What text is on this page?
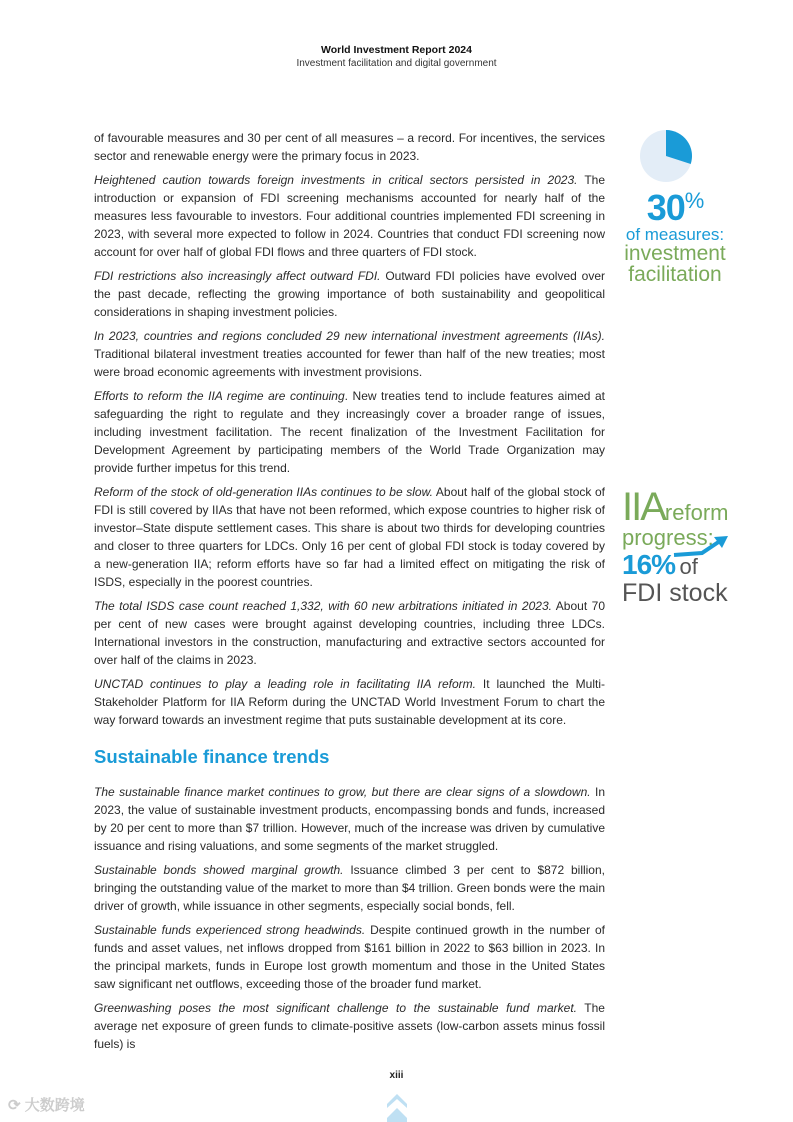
World Investment Report 2024
Investment facilitation and digital government

of favourable measures and 30 per cent of all measures – a record. For incentives, the services sector and renewable energy were the primary focus in 2023.

Heightened caution towards foreign investments in critical sectors persisted in 2023. The introduction or expansion of FDI screening mechanisms accounted for nearly half of the measures less favourable to investors. Four additional countries implemented FDI screening in 2023, with several more expected to follow in 2024. Countries that conduct FDI screening now account for over half of global FDI flows and three quarters of FDI stock.

FDI restrictions also increasingly affect outward FDI. Outward FDI policies have evolved over the past decade, reflecting the growing importance of both sustainability and geopolitical considerations in shaping investment policies.

In 2023, countries and regions concluded 29 new international investment agreements (IIAs). Traditional bilateral investment treaties accounted for fewer than half of the new treaties; most were broad economic agreements with investment provisions.

Efforts to reform the IIA regime are continuing. New treaties tend to include features aimed at safeguarding the right to regulate and they increasingly cover a broader range of issues, including investment facilitation. The recent finalization of the Investment Facilitation for Development Agreement by participating members of the World Trade Organization may provide further impetus for this trend.

Reform of the stock of old-generation IIAs continues to be slow. About half of the global stock of FDI is still covered by IIAs that have not been reformed, which expose countries to higher risk of investor–State dispute settlement cases. This share is about two thirds for developing countries and closer to three quarters for LDCs. Only 16 per cent of global FDI stock is today covered by a new-generation IIA; reform efforts have so far had a limited effect on mitigating the risk of ISDS, especially in the poorest countries.

The total ISDS case count reached 1,332, with 60 new arbitrations initiated in 2023. About 70 per cent of new cases were brought against developing countries, including three LDCs. International investors in the construction, manufacturing and extractive sectors accounted for over half of the claims in 2023.

UNCTAD continues to play a leading role in facilitating IIA reform. It launched the Multi-Stakeholder Platform for IIA Reform during the UNCTAD World Investment Forum to chart the way forward towards an investment regime that puts sustainable development at its core.

Sustainable finance trends

The sustainable finance market continues to grow, but there are clear signs of a slowdown. In 2023, the value of sustainable investment products, encompassing bonds and funds, increased by 20 per cent to more than $7 trillion. However, much of the increase was driven by cumulative issuance and rising valuations, and some segments of the market struggled.

Sustainable bonds showed marginal growth. Issuance climbed 3 per cent to $872 billion, bringing the outstanding value of the market to more than $4 trillion. Green bonds were the main driver of growth, while issuance in other segments, especially social bonds, fell.

Sustainable funds experienced strong headwinds. Despite continued growth in the number of funds and asset values, net inflows dropped from $161 billion in 2022 to $63 billion in 2023. In the principal markets, funds in Europe lost growth momentum and those in the United States saw significant net outflows, exceeding those of the broader fund market.

Greenwashing poses the most significant challenge to the sustainable fund market. The average net exposure of green funds to climate-positive assets (low-carbon assets minus fossil fuels) is

30%
of measures:
investment
facilitation
IIAreform
progress:
16% of
FDI stock
xiii
⟳ 大数跨境
